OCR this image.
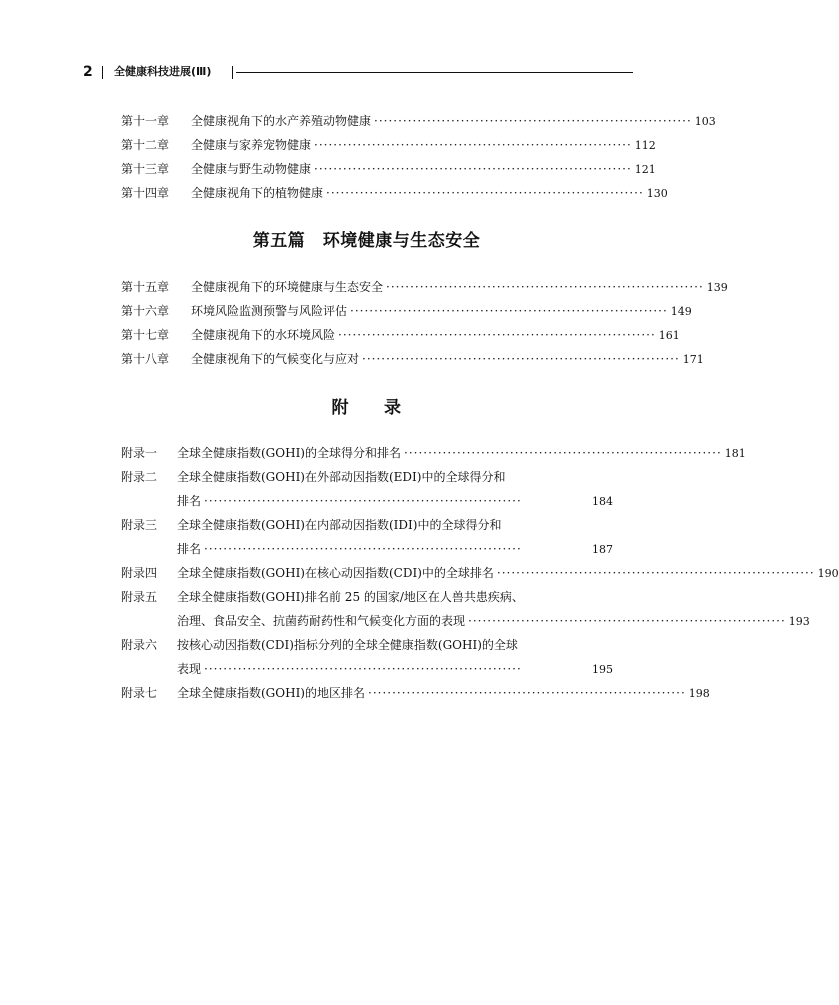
2 全健康科技进展(Ⅲ)
第十一章 全健康视角下的水产养殖动物健康 ·································································· 103
第十二章 全健康与家养宠物健康 ·································································· 112
第十三章 全健康与野生动物健康 ·································································· 121
第十四章 全健康视角下的植物健康 ·································································· 130
第五篇　环境健康与生态安全
第十五章 全健康视角下的环境健康与生态安全 ·································································· 139
第十六章 环境风险监测预警与风险评估 ·································································· 149
第十七章 全健康视角下的水环境风险 ·································································· 161
第十八章 全健康视角下的气候变化与应对 ·································································· 171
附　　录
附录一 全球全健康指数(GOHI)的全球得分和排名 ·································································· 181
附录二 全球全健康指数(GOHI)在外部动因指数(EDI)中的全球得分和
排名 ··································································	184
附录三 全球全健康指数(GOHI)在内部动因指数(IDI)中的全球得分和
排名 ··································································	187
附录四 全球全健康指数(GOHI)在核心动因指数(CDI)中的全球排名 ·································································· 190
附录五 全球全健康指数(GOHI)排名前 25 的国家/地区在人兽共患疾病、
治理、食品安全、抗菌药耐药性和气候变化方面的表现 ·································································· 193
附录六 按核心动因指数(CDI)指标分列的全球全健康指数(GOHI)的全球
表现 ··································································	195
附录七 全球全健康指数(GOHI)的地区排名 ·································································· 198
